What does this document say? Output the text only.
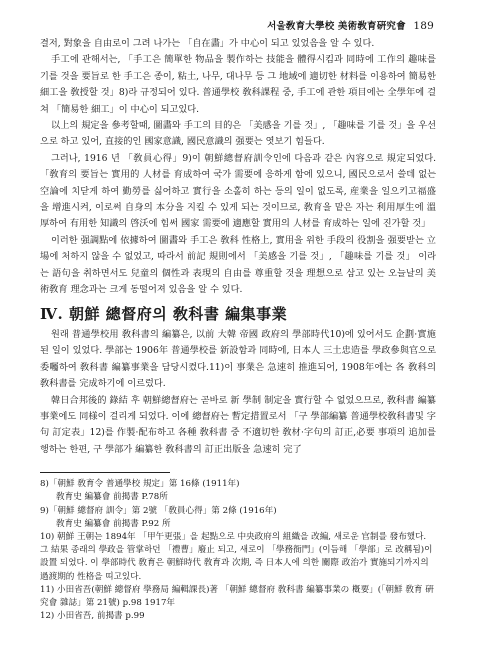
서울敎育大學校 美術敎育硏究會 189

결저, 對象을 自由로이 그려 나가는 「自在畵」가 中心이 되고 있었음을 알 수 있다.

手工에 관해서는, 「手工은 簡單한 物品을 製作하는 技能을 體得시킴과 同時에 工作의 趣味를 기를 것을 要旨로 한 手工은 종이, 粘土, 나무, 대나무 등 그 地域에 適切한 材料를 이용하여 簡易한 細工을 敎授할 것」8)라 규정되어 있다. 普通學校 敎科課程 중, 手工에 관한 項目에는 全學年에 걸쳐 「簡易한 細工」이 中心이 되고있다.

以上의 規定을 參考할때, 圖畵와 手工의 目的은 「美感을 기를 것」, 「趣味를 기를 것」을 우선으로 하고 있어, 直接的인 國家意識, 國民意識의 强要는 엿보기 힘들다.

그러나, 1916 년 「敎員心得」9)이 朝鮮總督府訓令인에 다음과 같은 內容으로 規定되었다. 「敎育의 要旨는 實用的 人材를 育成하여 국가 需要에 응하게 함에 있으니, 國民으로서 쓸데 없는 空論에 치닫게 하여 勤勞를 싫어하고 實行을 소홀히 하는 등의 일이 없도록, 産業을 일으키고福盛을 增進시켜, 이로써 自身의 本分을 지킬 수 있게 되는 것이므로, 敎育을 맡은 자는 利用厚生에 溫厚하여 有用한 知識의 啓沃에 힘써 國家 需要에 適應할 實用의 人材를 育成하는 일에 진가할 것」

이러한 强調點에 依據하여 圖畵와 手工은 敎科 性格上, 實用을 위한 手段의 役割을 强要받는 立場에 처하지 않을 수 없었고, 따라서 前記 規則에서 「美感을 기를 것」, 「趣味를 기를 것」 이라는 語句을 취하면서도 兒童의 個性과 表現의 自由를 尊重할 것을 理想으로 삼고 있는 오늘날의 美術敎育 理念과는 크게 동떨어져 있음을 알 수 있다.

Ⅳ. 朝鮮 總督府의 敎科書 編集事業

원래 普通學校用 敎科書의 編纂은, 以前 大韓 帝國 政府의 學部時代10)에 있어서도 企劃·實施된 일이 있었다. 學部는 1906年 普通學校를 新設함과 同時에, 日本人 三土忠造를 學政參與官으로 委囑하여 敎科書 編纂事業을 담당시켰다.11)이 事業은 急速히 推進되어, 1908年에는 各 敎科의 敎科書를 完成하기에 이르렀다.

韓日合邦後的 錄結 후 朝鮮總督府는 곧바로 新 學制 制定을 實行할 수 없었으므로, 敎科書 編纂 事業에도 同様이 걸리게 되었다. 이에 總督府는 暫定措置로서 「구 學部編纂 普通學校敎科書및 字句 訂定表」12)를 作製·配布하고 各種 敎科書 중 不適切한 敎材·字句의 訂正,必要 事項의 追加를 행하는 한편, 구 學部가 編纂한 敎科書의 訂正出版을 急速히 完了

8)「朝鮮 敎育令 普通學校 規定」第 16條 (1911年)

敎育史 編纂會 前揭書 P.78所

9)「朝鮮 總督府 訓令」第 2號 「敎員心得」第 2條 (1916年)

敎育史 編纂會 前揭書 P.92 所

10) 朝鮮 王朝는 1894年 「甲午更張」을 起點으로 中央政府의 組織을 改編, 새로운 官制를 發布했다. 그 結果 종래의 學政을 管掌하던 「禮曹」廢止 되고, 새로이 「學務衙門」(이듬해 「學部」로 改稱됨)이 設置 되었다. 이 學部時代 敎育은 朝鮮時代 敎育과 次期, 즉 日本人에 의한 關際 政治가 實施되기까지의 過渡期的 性格을 띠고있다.

11) 小田省吾(朝鮮 總督府 學務局 編輯課長)著 「朝鮮 總督府 敎科書 編纂事業の 槪要」(「朝鮮 敎育 硏究會 雜誌」第 21號) p.98 1917年

12) 小田省吾, 前揭書 p.99
